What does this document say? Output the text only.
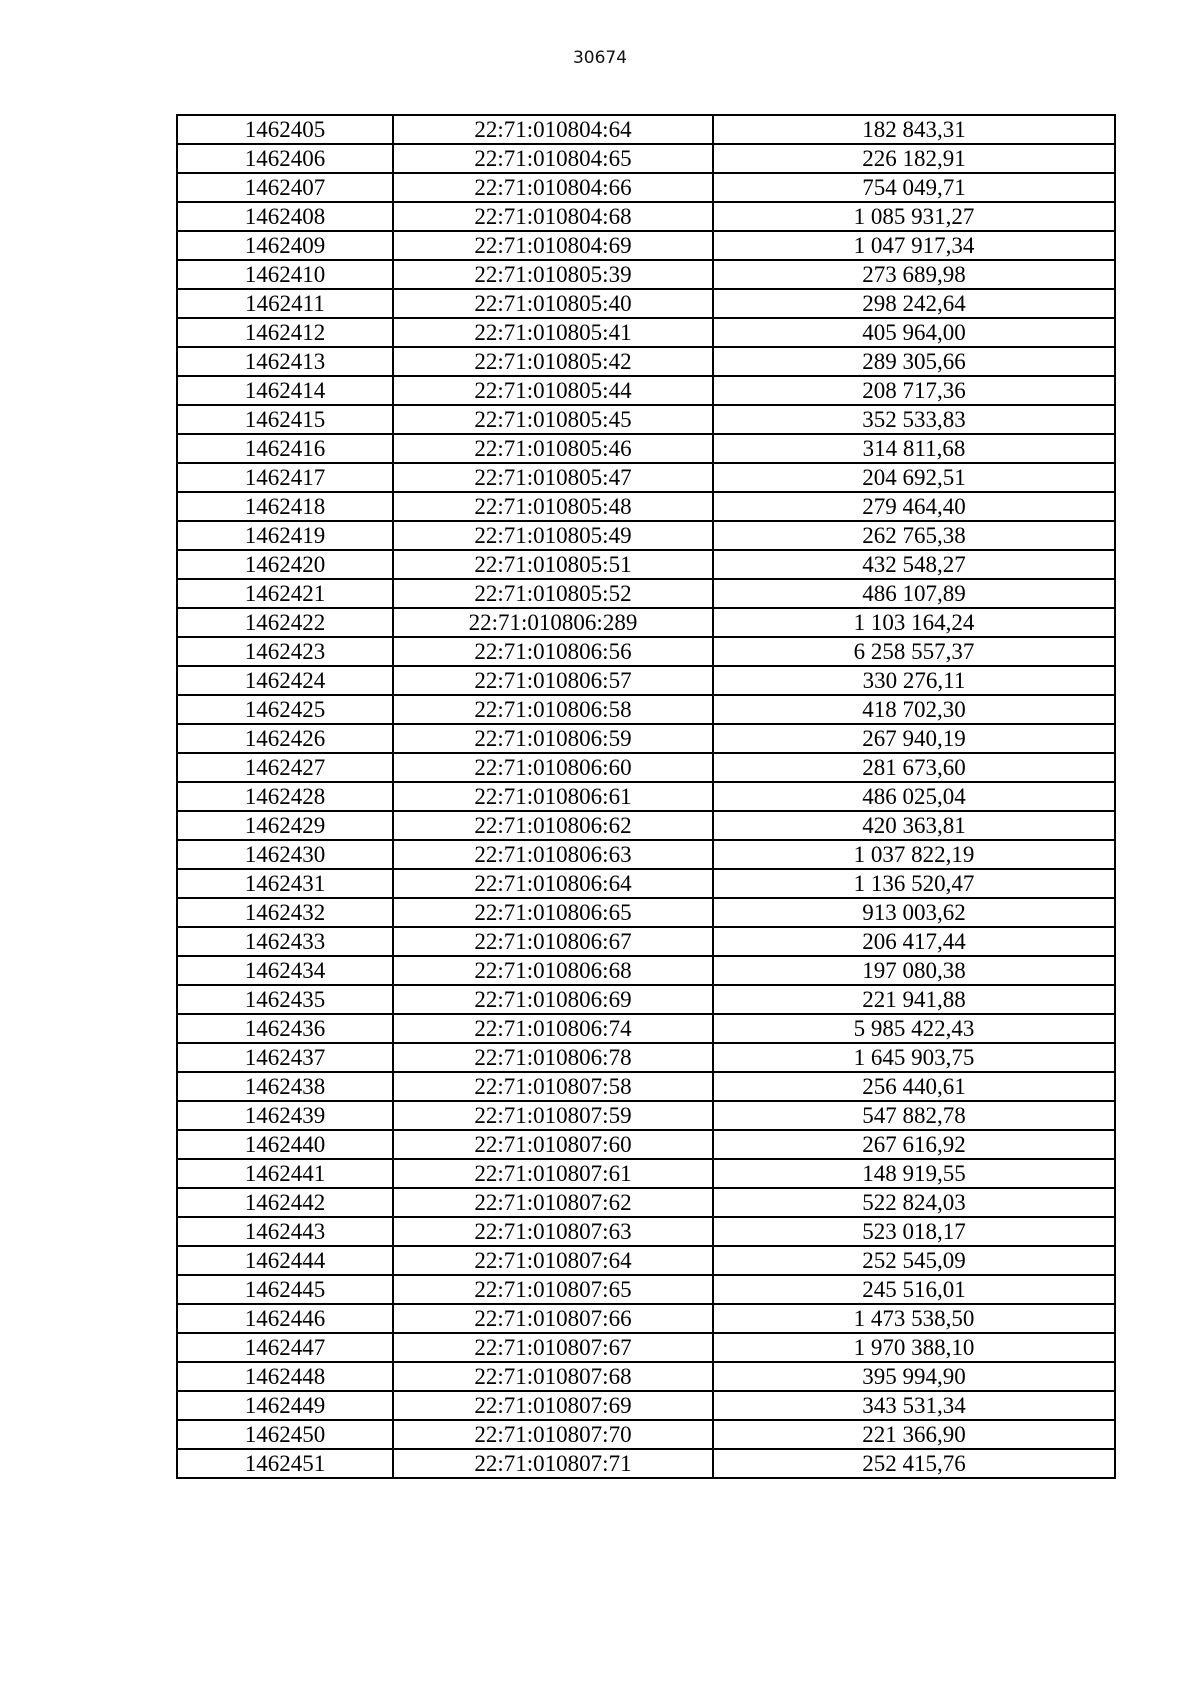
30674
1462405	22:71:010804:64	182 843,31
1462406	22:71:010804:65	226 182,91
1462407	22:71:010804:66	754 049,71
1462408	22:71:010804:68	1 085 931,27
1462409	22:71:010804:69	1 047 917,34
1462410	22:71:010805:39	273 689,98
1462411	22:71:010805:40	298 242,64
1462412	22:71:010805:41	405 964,00
1462413	22:71:010805:42	289 305,66
1462414	22:71:010805:44	208 717,36
1462415	22:71:010805:45	352 533,83
1462416	22:71:010805:46	314 811,68
1462417	22:71:010805:47	204 692,51
1462418	22:71:010805:48	279 464,40
1462419	22:71:010805:49	262 765,38
1462420	22:71:010805:51	432 548,27
1462421	22:71:010805:52	486 107,89
1462422	22:71:010806:289	1 103 164,24
1462423	22:71:010806:56	6 258 557,37
1462424	22:71:010806:57	330 276,11
1462425	22:71:010806:58	418 702,30
1462426	22:71:010806:59	267 940,19
1462427	22:71:010806:60	281 673,60
1462428	22:71:010806:61	486 025,04
1462429	22:71:010806:62	420 363,81
1462430	22:71:010806:63	1 037 822,19
1462431	22:71:010806:64	1 136 520,47
1462432	22:71:010806:65	913 003,62
1462433	22:71:010806:67	206 417,44
1462434	22:71:010806:68	197 080,38
1462435	22:71:010806:69	221 941,88
1462436	22:71:010806:74	5 985 422,43
1462437	22:71:010806:78	1 645 903,75
1462438	22:71:010807:58	256 440,61
1462439	22:71:010807:59	547 882,78
1462440	22:71:010807:60	267 616,92
1462441	22:71:010807:61	148 919,55
1462442	22:71:010807:62	522 824,03
1462443	22:71:010807:63	523 018,17
1462444	22:71:010807:64	252 545,09
1462445	22:71:010807:65	245 516,01
1462446	22:71:010807:66	1 473 538,50
1462447	22:71:010807:67	1 970 388,10
1462448	22:71:010807:68	395 994,90
1462449	22:71:010807:69	343 531,34
1462450	22:71:010807:70	221 366,90
1462451	22:71:010807:71	252 415,76
